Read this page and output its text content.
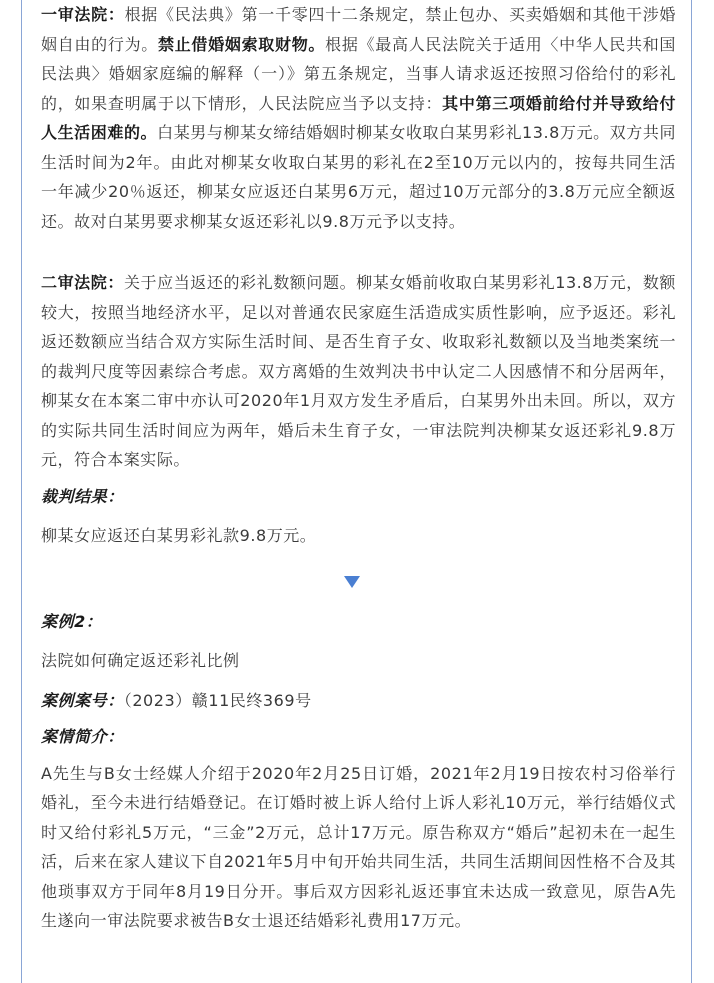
一审法院：根据《民法典》第一千零四十二条规定，禁止包办、买卖婚姻和其他干涉婚姻自由的行为。禁止借婚姻索取财物。根据《最高人民法院关于适用〈中华人民共和国民法典〉婚姻家庭编的解释（一）》第五条规定，当事人请求返还按照习俗给付的彩礼的，如果查明属于以下情形，人民法院应当予以支持：其中第三项婚前给付并导致给付人生活困难的。白某男与柳某女缔结婚姻时柳某女收取白某男彩礼13.8万元。双方共同生活时间为2年。由此对柳某女收取白某男的彩礼在2至10万元以内的，按每共同生活一年减少20％返还，柳某女应返还白某男6万元，超过10万元部分的3.8万元应全额返还。故对白某男要求柳某女返还彩礼以9.8万元予以支持。

二审法院：关于应当返还的彩礼数额问题。柳某女婚前收取白某男彩礼13.8万元，数额较大，按照当地经济水平，足以对普通农民家庭生活造成实质性影响，应予返还。彩礼返还数额应当结合双方实际生活时间、是否生育子女、收取彩礼数额以及当地类案统一的裁判尺度等因素综合考虑。双方离婚的生效判决书中认定二人因感情不和分居两年，柳某女在本案二审中亦认可2020年1月双方发生矛盾后，白某男外出未回。所以，双方的实际共同生活时间应为两年，婚后未生育子女，一审法院判决柳某女返还彩礼9.8万元，符合本案实际。

裁判结果：

柳某女应返还白某男彩礼款9.8万元。

案例2：

法院如何确定返还彩礼比例

案例案号：（2023）赣11民终369号

案情简介：

A先生与B女士经媒人介绍于2020年2月25日订婚，2021年2月19日按农村习俗举行婚礼，至今未进行结婚登记。在订婚时被上诉人给付上诉人彩礼10万元，举行结婚仪式时又给付彩礼5万元，“三金”2万元，总计17万元。原告称双方“婚后”起初未在一起生活，后来在家人建议下自2021年5月中旬开始共同生活，共同生活期间因性格不合及其他琐事双方于同年8月19日分开。事后双方因彩礼返还事宜未达成一致意见，原告A先生遂向一审法院要求被告B女士退还结婚彩礼费用17万元。
